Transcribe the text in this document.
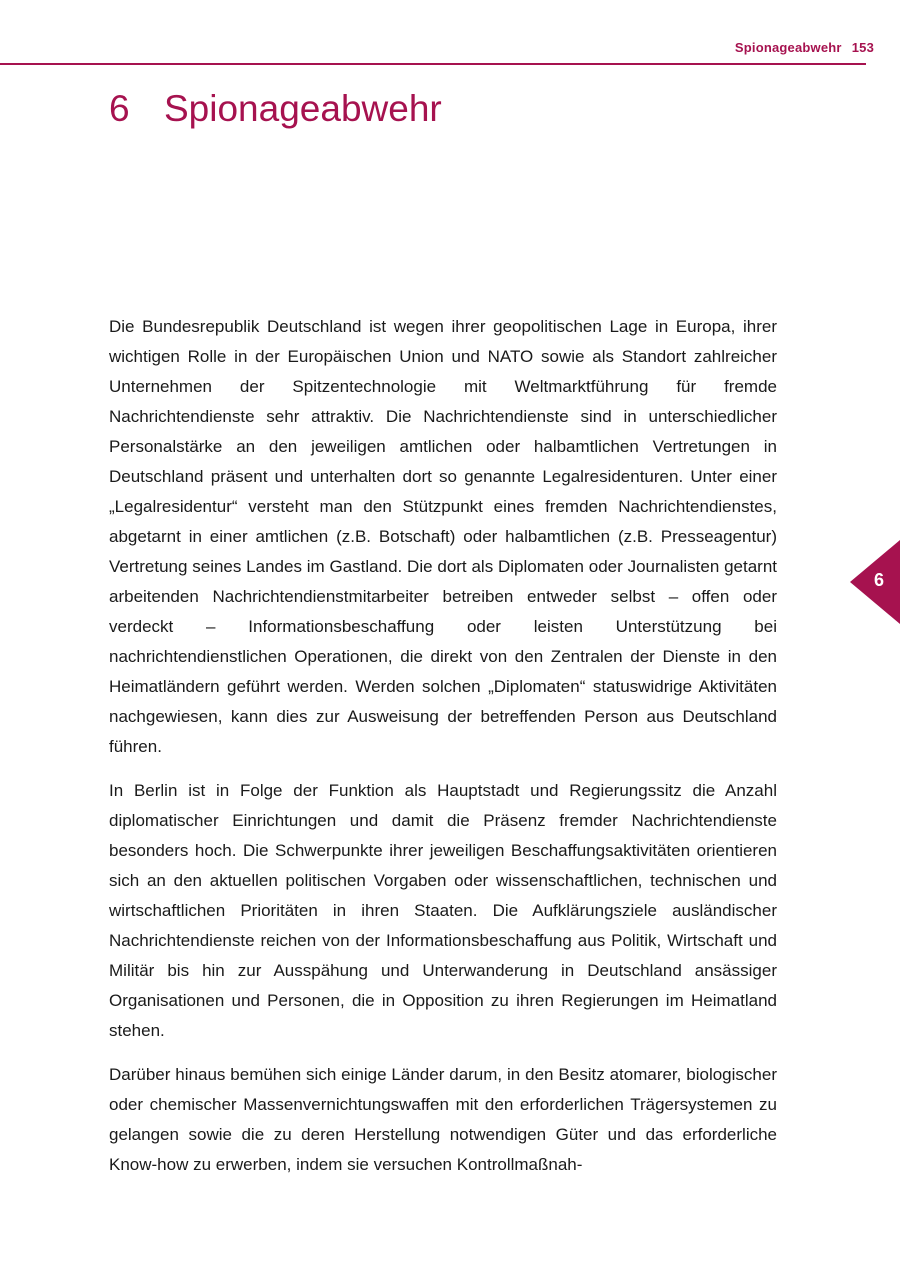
Spionageabwehr 153
6 Spionageabwehr

Die Bundesrepublik Deutschland ist wegen ihrer geopolitischen Lage in Europa, ihrer wichtigen Rolle in der Europäischen Union und NATO sowie als Standort zahlreicher Unternehmen der Spitzentechnologie mit Weltmarktführung für fremde Nachrichtendienste sehr attraktiv. Die Nachrichtendienste sind in unterschiedlicher Personalstärke an den jeweiligen amtlichen oder halbamtlichen Vertretungen in Deutschland präsent und unterhalten dort so genannte Legalresidenturen. Unter einer „Legalresidentur“ versteht man den Stützpunkt eines fremden Nachrichtendienstes, abgetarnt in einer amtlichen (z.B. Botschaft) oder halbamtlichen (z.B. Presseagentur) Vertretung seines Landes im Gastland. Die dort als Diplomaten oder Journalisten getarnt arbeitenden Nachrichtendienstmitarbeiter betreiben entweder selbst – offen oder verdeckt – Informationsbeschaffung oder leisten Unterstützung bei nachrichtendienstlichen Operationen, die direkt von den Zentralen der Dienste in den Heimatländern geführt werden. Werden solchen „Diplomaten“ statuswidrige Aktivitäten nachgewiesen, kann dies zur Ausweisung der betreffenden Person aus Deutschland führen.

In Berlin ist in Folge der Funktion als Hauptstadt und Regierungssitz die Anzahl diplomatischer Einrichtungen und damit die Präsenz fremder Nachrichtendienste besonders hoch. Die Schwerpunkte ihrer jeweiligen Beschaffungsaktivitäten orientieren sich an den aktuellen politischen Vorgaben oder wissenschaftlichen, technischen und wirtschaftlichen Prioritäten in ihren Staaten. Die Aufklärungsziele ausländischer Nachrichtendienste reichen von der Informationsbeschaffung aus Politik, Wirtschaft und Militär bis hin zur Ausspähung und Unterwanderung in Deutschland ansässiger Organisationen und Personen, die in Opposition zu ihren Regierungen im Heimatland stehen.

Darüber hinaus bemühen sich einige Länder darum, in den Besitz atomarer, biologischer oder chemischer Massenvernichtungswaffen mit den erforderlichen Trägersystemen zu gelangen sowie die zu deren Herstellung notwendigen Güter und das erforderliche Know-how zu erwerben, indem sie versuchen Kontrollmaßnah-

6
